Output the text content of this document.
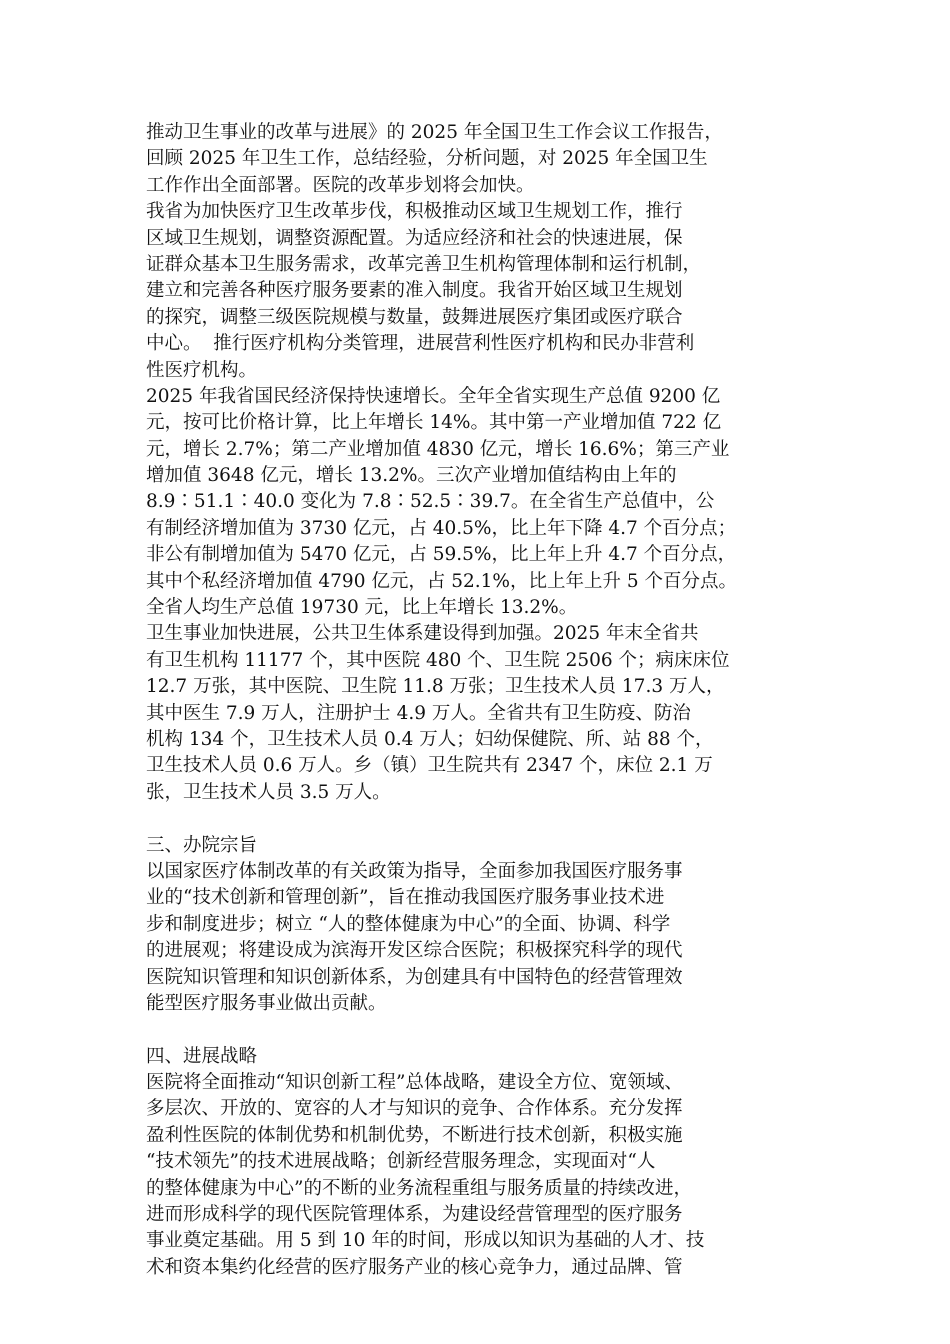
推动卫生事业的改革与进展》的 2025 年全国卫生工作会议工作报告，
回顾 2025 年卫生工作，总结经验，分析问题，对 2025 年全国卫生
工作作出全面部署。医院的改革步划将会加快。
我省为加快医疗卫生改革步伐，积极推动区域卫生规划工作，推行
区域卫生规划，调整资源配置。为适应经济和社会的快速进展，保
证群众基本卫生服务需求，改革完善卫生机构管理体制和运行机制，
建立和完善各种医疗服务要素的准入制度。我省开始区域卫生规划
的探究，调整三级医院规模与数量，鼓舞进展医疗集团或医疗联合
中心。  推行医疗机构分类管理，进展营利性医疗机构和民办非营利
性医疗机构。
2025 年我省国民经济保持快速增长。全年全省实现生产总值 9200 亿
元，按可比价格计算，比上年增长 14%。其中第一产业增加值 722 亿
元，增长 2.7%；第二产业增加值 4830 亿元，增长 16.6%；第三产业
增加值 3648 亿元，增长 13.2%。三次产业增加值结构由上年的
8.9∶51.1∶40.0 变化为 7.8∶52.5∶39.7。在全省生产总值中，公
有制经济增加值为 3730 亿元，占 40.5%，比上年下降 4.7 个百分点；
非公有制增加值为 5470 亿元，占 59.5%，比上年上升 4.7 个百分点，
其中个私经济增加值 4790 亿元，占 52.1%，比上年上升 5 个百分点。
全省人均生产总值 19730 元，比上年增长 13.2%。
卫生事业加快进展，公共卫生体系建设得到加强。2025 年末全省共
有卫生机构 11177 个，其中医院 480 个、卫生院 2506 个；病床床位
12.7 万张，其中医院、卫生院 11.8 万张；卫生技术人员 17.3 万人，
其中医生 7.9 万人，注册护士 4.9 万人。全省共有卫生防疫、防治
机构 134 个，卫生技术人员 0.4 万人；妇幼保健院、所、站 88 个，
卫生技术人员 0.6 万人。乡（镇）卫生院共有 2347 个，床位 2.1 万
张，卫生技术人员 3.5 万人。
三、办院宗旨
以国家医疗体制改革的有关政策为指导，全面参加我国医疗服务事
业的“技术创新和管理创新”，旨在推动我国医疗服务事业技术进
步和制度进步；树立 “人的整体健康为中心”的全面、协调、科学
的进展观；将建设成为滨海开发区综合医院；积极探究科学的现代
医院知识管理和知识创新体系，为创建具有中国特色的经营管理效
能型医疗服务事业做出贡献。
四、进展战略
医院将全面推动“知识创新工程”总体战略，建设全方位、宽领域、
多层次、开放的、宽容的人才与知识的竞争、合作体系。充分发挥
盈利性医院的体制优势和机制优势，不断进行技术创新，积极实施
“技术领先”的技术进展战略；创新经营服务理念，实现面对“人
的整体健康为中心”的不断的业务流程重组与服务质量的持续改进，
进而形成科学的现代医院管理体系，为建设经营管理型的医疗服务
事业奠定基础。用 5 到 10 年的时间，形成以知识为基础的人才、技
术和资本集约化经营的医疗服务产业的核心竞争力，通过品牌、管
